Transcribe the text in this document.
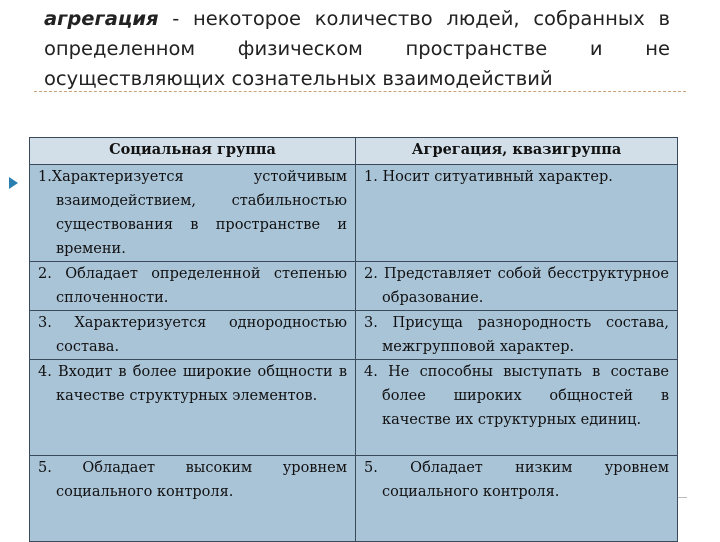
агрегация - некоторое количество людей, собранных в определенном физическом пространстве и не осуществляющих сознательных взаимодействий
Социальная группа	Агрегация, квазигруппа

1.Характеризуется устойчивым взаимодействием, стабильностью существования в пространстве и времени.	1. Носит ситуативный характер.

2. Обладает определенной степенью сплоченности.	2. Представляет собой бесструктурное образование.

3. Характеризуется однородностью состава.	3. Присуща разнородность состава, межгрупповой характер.

4. Входит в более широкие общности в качестве структурных элементов.	4. Не способны выступать в составе более широких общностей в качестве их структурных единиц.

5. Обладает высоким уровнем социального контроля.	5. Обладает низким уровнем социального контроля.
